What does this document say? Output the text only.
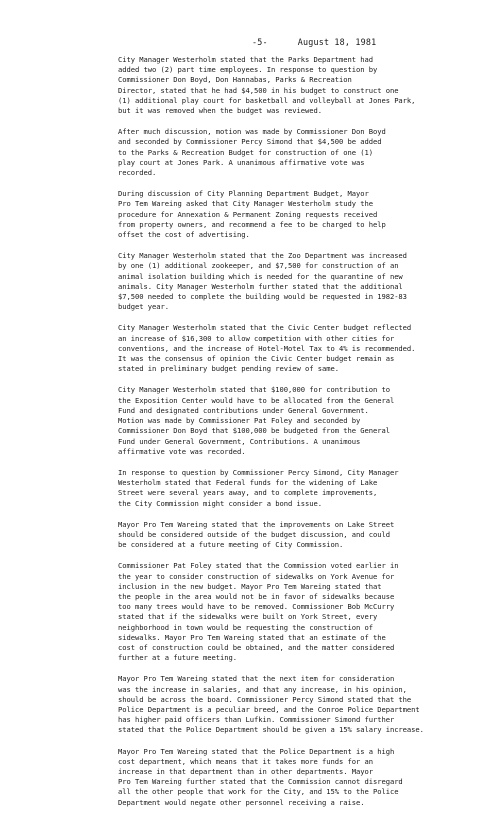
-5-	August 18, 1981
City Manager Westerholm stated that the Parks Department had
added two (2) part time employees. In response to question by
Commissioner Don Boyd, Don Hannabas, Parks & Recreation
Director, stated that he had $4,500 in his budget to construct one
(1) additional play court for basketball and volleyball at Jones Park,
but it was removed when the budget was reviewed.
After much discussion, motion was made by Commissioner Don Boyd
and seconded by Commissioner Percy Simond that $4,500 be added
to the Parks & Recreation Budget for construction of one (1)
play court at Jones Park. A unanimous affirmative vote was
recorded.
During discussion of City Planning Department Budget, Mayor
Pro Tem Wareing asked that City Manager Westerholm study the
procedure for Annexation & Permanent Zoning requests received
from property owners, and recommend a fee to be charged to help
offset the cost of advertising.
City Manager Westerholm stated that the Zoo Department was increased
by one (1) additional zookeeper, and $7,500 for construction of an
animal isolation building which is needed for the quarantine of new
animals. City Manager Westerholm further stated that the additional
$7,500 needed to complete the building would be requested in 1982-83
budget year.
City Manager Westerholm stated that the Civic Center budget reflected
an increase of $16,300 to allow competition with other cities for
conventions, and the increase of Hotel-Motel Tax to 4% is recommended.
It was the consensus of opinion the Civic Center budget remain as
stated in preliminary budget pending review of same.
City Manager Westerholm stated that $100,000 for contribution to
the Exposition Center would have to be allocated from the General
Fund and designated contributions under General Government.
Motion was made by Commissioner Pat Foley and seconded by
Commissioner Don Boyd that $100,000 be budgeted from the General
Fund under General Government, Contributions. A unanimous
affirmative vote was recorded.
In response to question by Commissioner Percy Simond, City Manager
Westerholm stated that Federal funds for the widening of Lake
Street were several years away, and to complete improvements,
the City Commission might consider a bond issue.
Mayor Pro Tem Wareing stated that the improvements on Lake Street
should be considered outside of the budget discussion, and could
be considered at a future meeting of City Commission.
Commissioner Pat Foley stated that the Commission voted earlier in
the year to consider construction of sidewalks on York Avenue for
inclusion in the new budget. Mayor Pro Tem Wareing stated that
the people in the area would not be in favor of sidewalks because
too many trees would have to be removed. Commissioner Bob McCurry
stated that if the sidewalks were built on York Street, every
neighborhood in town would be requesting the construction of
sidewalks. Mayor Pro Tem Wareing stated that an estimate of the
cost of construction could be obtained, and the matter considered
further at a future meeting.
Mayor Pro Tem Wareing stated that the next item for consideration
was the increase in salaries, and that any increase, in his opinion,
should be across the board. Commissioner Percy Simond stated that the
Police Department is a peculiar breed, and the Conroe Police Department
has higher paid officers than Lufkin. Commissioner Simond further
stated that the Police Department should be given a 15% salary increase.
Mayor Pro Tem Wareing stated that the Police Department is a high
cost department, which means that it takes more funds for an
increase in that department than in other departments. Mayor
Pro Tem Wareing further stated that the Commission cannot disregard
all the other people that work for the City, and 15% to the Police
Department would negate other personnel receiving a raise.
